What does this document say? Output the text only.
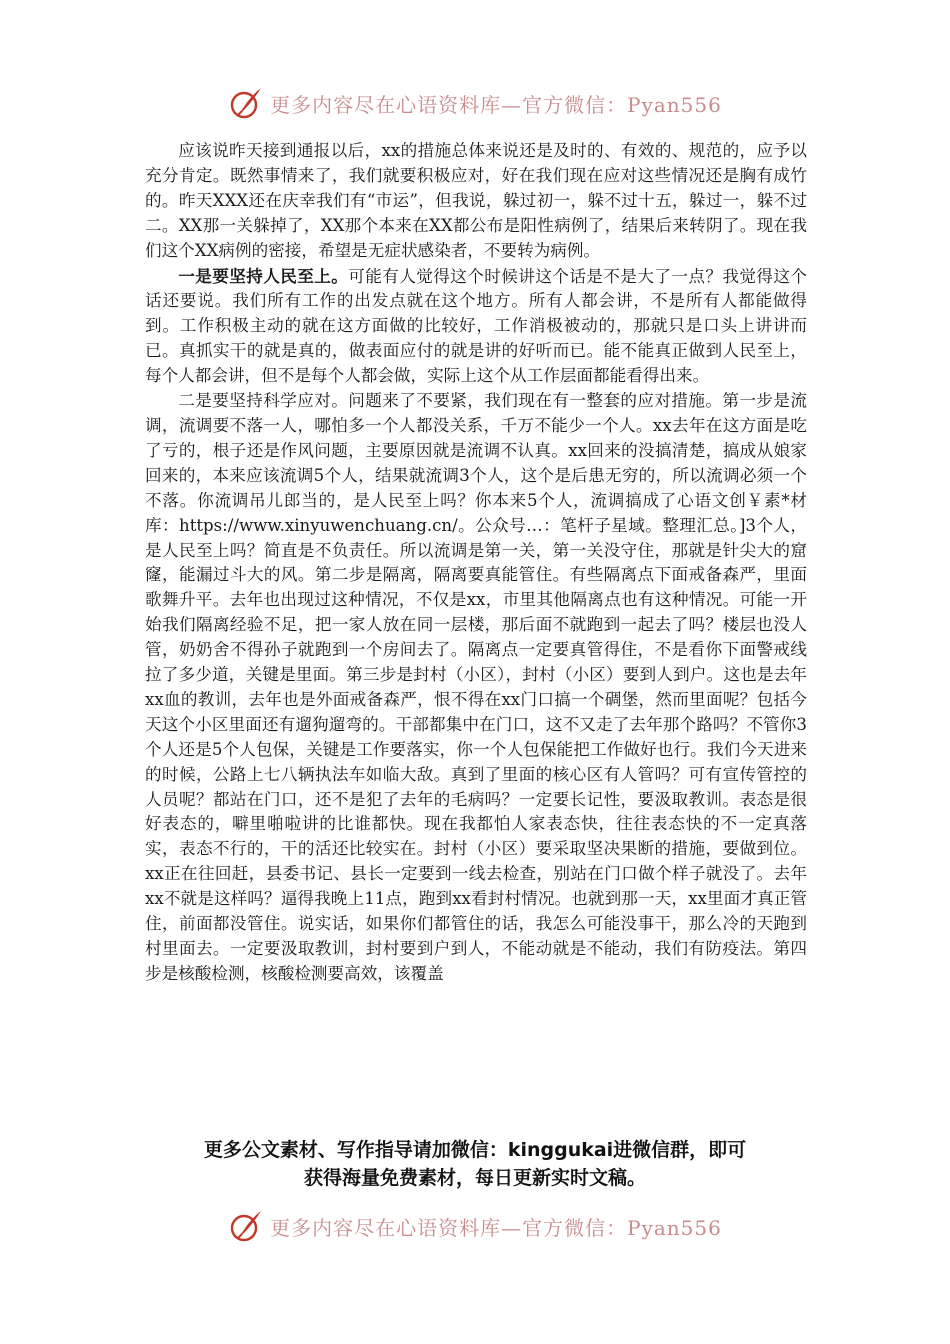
更多内容尽在心语资料库—官方微信：Pyan556

应该说昨天接到通报以后，xx的措施总体来说还是及时的、有效的、规范的，应予以充分肯定。既然事情来了，我们就要积极应对，好在我们现在应对这些情况还是胸有成竹的。昨天XXX还在庆幸我们有“市运”，但我说，躲过初一，躲不过十五，躲过一，躲不过二。XX那一关躲掉了，XX那个本来在XX都公布是阳性病例了，结果后来转阴了。现在我们这个XX病例的密接，希望是无症状感染者，不要转为病例。

一是要坚持人民至上。可能有人觉得这个时候讲这个话是不是大了一点？我觉得这个话还要说。我们所有工作的出发点就在这个地方。所有人都会讲，不是所有人都能做得到。工作积极主动的就在这方面做的比较好，工作消极被动的，那就只是口头上讲讲而已。真抓实干的就是真的，做表面应付的就是讲的好听而已。能不能真正做到人民至上，每个人都会讲，但不是每个人都会做，实际上这个从工作层面都能看得出来。

二是要坚持科学应对。问题来了不要紧，我们现在有一整套的应对措施。第一步是流调，流调要不落一人，哪怕多一个人都没关系，千万不能少一个人。xx去年在这方面是吃了亏的，根子还是作风问题，主要原因就是流调不认真。xx回来的没搞清楚，搞成从娘家回来的，本来应该流调5个人，结果就流调3个人，这个是后患无穷的，所以流调必须一个不落。你流调吊儿郎当的，是人民至上吗？你本来5个人，流调搞成了心语文创￥素*材库：https://www.xinyuwenchuang.cn/。公众号…：笔杆子星域。整理汇总。]3个人，是人民至上吗？简直是不负责任。所以流调是第一关，第一关没守住，那就是针尖大的窟窿，能漏过斗大的风。第二步是隔离，隔离要真能管住。有些隔离点下面戒备森严，里面歌舞升平。去年也出现过这种情况，不仅是xx，市里其他隔离点也有这种情况。可能一开始我们隔离经验不足，把一家人放在同一层楼，那后面不就跑到一起去了吗？楼层也没人管，奶奶舍不得孙子就跑到一个房间去了。隔离点一定要真管得住，不是看你下面警戒线拉了多少道，关键是里面。第三步是封村（小区），封村（小区）要到人到户。这也是去年xx血的教训，去年也是外面戒备森严，恨不得在xx门口搞一个碉堡，然而里面呢？包括今天这个小区里面还有遛狗遛弯的。干部都集中在门口，这不又走了去年那个路吗？不管你3个人还是5个人包保，关键是工作要落实，你一个人包保能把工作做好也行。我们今天进来的时候，公路上七八辆执法车如临大敌。真到了里面的核心区有人管吗？可有宣传管控的人员呢？都站在门口，还不是犯了去年的毛病吗？一定要长记性，要汲取教训。表态是很好表态的，噼里啪啦讲的比谁都快。现在我都怕人家表态快，往往表态快的不一定真落实，表态不行的，干的活还比较实在。封村（小区）要采取坚决果断的措施，要做到位。xx正在往回赶，县委书记、县长一定要到一线去检查，别站在门口做个样子就没了。去年xx不就是这样吗？逼得我晚上11点，跑到xx看封村情况。也就到那一天，xx里面才真正管住，前面都没管住。说实话，如果你们都管住的话，我怎么可能没事干，那么冷的天跑到村里面去。一定要汲取教训，封村要到户到人，不能动就是不能动，我们有防疫法。第四步是核酸检测，核酸检测要高效，该覆盖

更多公文素材、写作指导请加微信：kinggukai进微信群，即可
获得海量免费素材，每日更新实时文稿。
更多内容尽在心语资料库—官方微信：Pyan556
